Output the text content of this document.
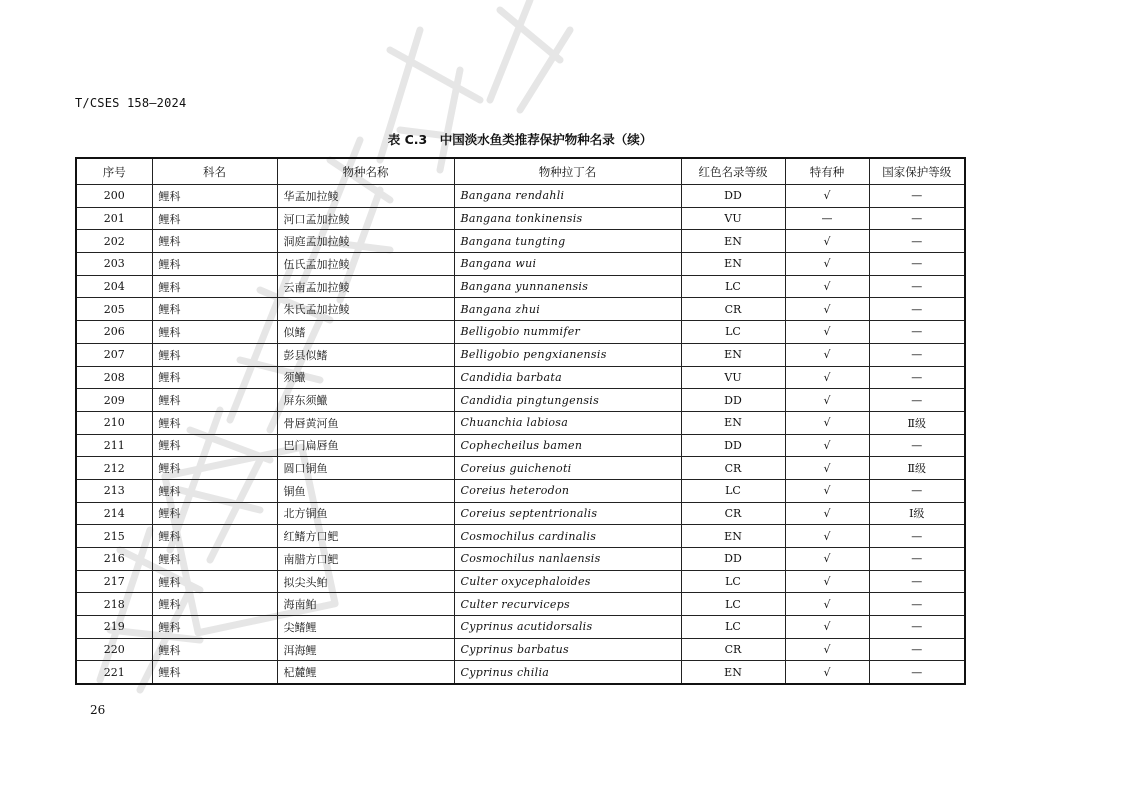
T/CSES 158—2024
表 C.3　中国淡水鱼类推荐保护物种名录（续）
序号	科名	物种名称	物种拉丁名	红色名录等级	特有种	国家保护等级
200	鲤科	华孟加拉鲮	Bangana rendahli	DD	√	—
201	鲤科	河口孟加拉鲮	Bangana tonkinensis	VU	—	—
202	鲤科	洞庭孟加拉鲮	Bangana tungting	EN	√	—
203	鲤科	伍氏孟加拉鲮	Bangana wui	EN	√	—
204	鲤科	云南孟加拉鲮	Bangana yunnanensis	LC	√	—
205	鲤科	朱氏孟加拉鲮	Bangana zhui	CR	√	—
206	鲤科	似鳍	Belligobio nummifer	LC	√	—
207	鲤科	彭县似鳍	Belligobio pengxianensis	EN	√	—
208	鲤科	须鱲	Candidia barbata	VU	√	—
209	鲤科	屏东须鱲	Candidia pingtungensis	DD	√	—
210	鲤科	骨唇黄河鱼	Chuanchia labiosa	EN	√	Ⅱ级
211	鲤科	巴门扁唇鱼	Cophecheilus bamen	DD	√	—
212	鲤科	圆口铜鱼	Coreius guichenoti	CR	√	Ⅱ级
213	鲤科	铜鱼	Coreius heterodon	LC	√	—
214	鲤科	北方铜鱼	Coreius septentrionalis	CR	√	Ⅰ级
215	鲤科	红鳍方口鲃	Cosmochilus cardinalis	EN	√	—
216	鲤科	南腊方口鲃	Cosmochilus nanlaensis	DD	√	—
217	鲤科	拟尖头鲌	Culter oxycephaloides	LC	√	—
218	鲤科	海南鲌	Culter recurviceps	LC	√	—
219	鲤科	尖鳍鲤	Cyprinus acutidorsalis	LC	√	—
220	鲤科	洱海鲤	Cyprinus barbatus	CR	√	—
221	鲤科	杞麓鲤	Cyprinus chilia	EN	√	—
26
